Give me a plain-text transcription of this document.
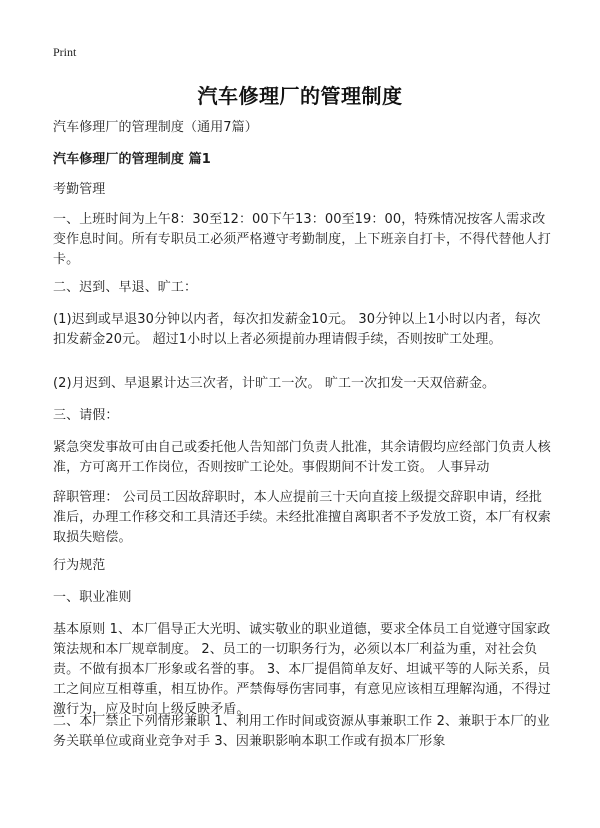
Print
汽车修理厂的管理制度

汽车修理厂的管理制度（通用7篇）

汽车修理厂的管理制度 篇1

考勤管理

一、上班时间为上午8：30至12：00下午13：00至19：00，特殊情况按客人需求改变作息时间。所有专职员工必须严格遵守考勤制度，上下班亲自打卡，不得代替他人打卡。

二、迟到、早退、旷工：

(1)迟到或早退30分钟以内者，每次扣发薪金10元。 30分钟以上1小时以内者，每次扣发薪金20元。 超过1小时以上者必须提前办理请假手续，否则按旷工处理。

(2)月迟到、早退累计达三次者，计旷工一次。 旷工一次扣发一天双倍薪金。

三、请假：

紧急突发事故可由自己或委托他人告知部门负责人批准，其余请假均应经部门负责人核准，方可离开工作岗位，否则按旷工论处。事假期间不计发工资。 人事异动

辞职管理： 公司员工因故辞职时，本人应提前三十天向直接上级提交辞职申请，经批准后，办理工作移交和工具清还手续。未经批准擅自离职者不予发放工资，本厂有权索取损失赔偿。

行为规范

一、职业准则

基本原则 1、本厂倡导正大光明、诚实敬业的职业道德，要求全体员工自觉遵守国家政策法规和本厂规章制度。 2、员工的一切职务行为，必须以本厂利益为重，对社会负责。不做有损本厂形象或名誉的事。 3、本厂提倡简单友好、坦诚平等的人际关系，员工之间应互相尊重，相互协作。严禁侮辱伤害同事，有意见应该相互理解沟通，不得过激行为，应及时向上级反映矛盾。

二、本厂禁止下列情形兼职 1、利用工作时间或资源从事兼职工作 2、兼职于本厂的业务关联单位或商业竞争对手 3、因兼职影响本职工作或有损本厂形象
